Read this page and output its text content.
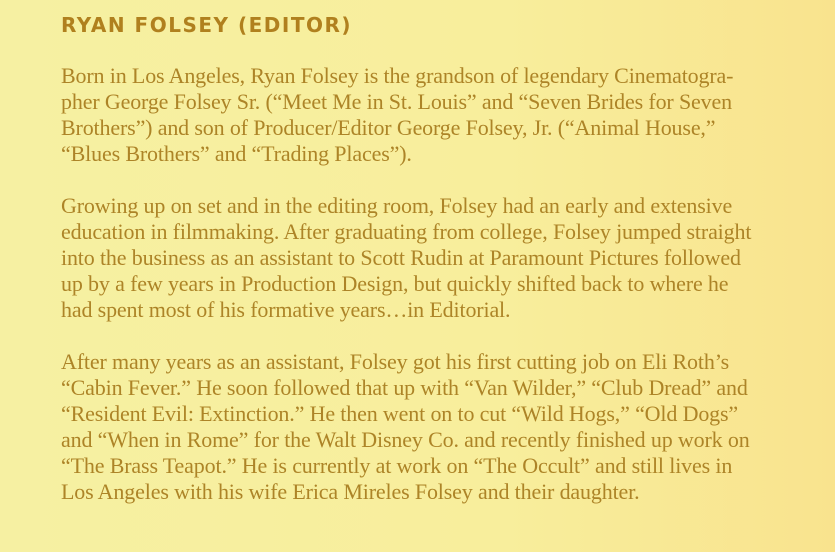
RYAN FOLSEY (EDITOR)

Born in Los Angeles, Ryan Folsey is the grandson of legendary Cinematogra-
pher George Folsey Sr. (“Meet Me in St. Louis” and “Seven Brides for Seven
Brothers”) and son of Producer/Editor George Folsey, Jr. (“Animal House,”
“Blues Brothers” and “Trading Places”).

Growing up on set and in the editing room, Folsey had an early and extensive
education in filmmaking. After graduating from college, Folsey jumped straight
into the business as an assistant to Scott Rudin at Paramount Pictures followed
up by a few years in Production Design, but quickly shifted back to where he
had spent most of his formative years…in Editorial.

After many years as an assistant, Folsey got his first cutting job on Eli Roth’s
“Cabin Fever.” He soon followed that up with “Van Wilder,” “Club Dread” and
“Resident Evil: Extinction.” He then went on to cut “Wild Hogs,” “Old Dogs”
and “When in Rome” for the Walt Disney Co. and recently finished up work on
“The Brass Teapot.” He is currently at work on “The Occult” and still lives in
Los Angeles with his wife Erica Mireles Folsey and their daughter.
